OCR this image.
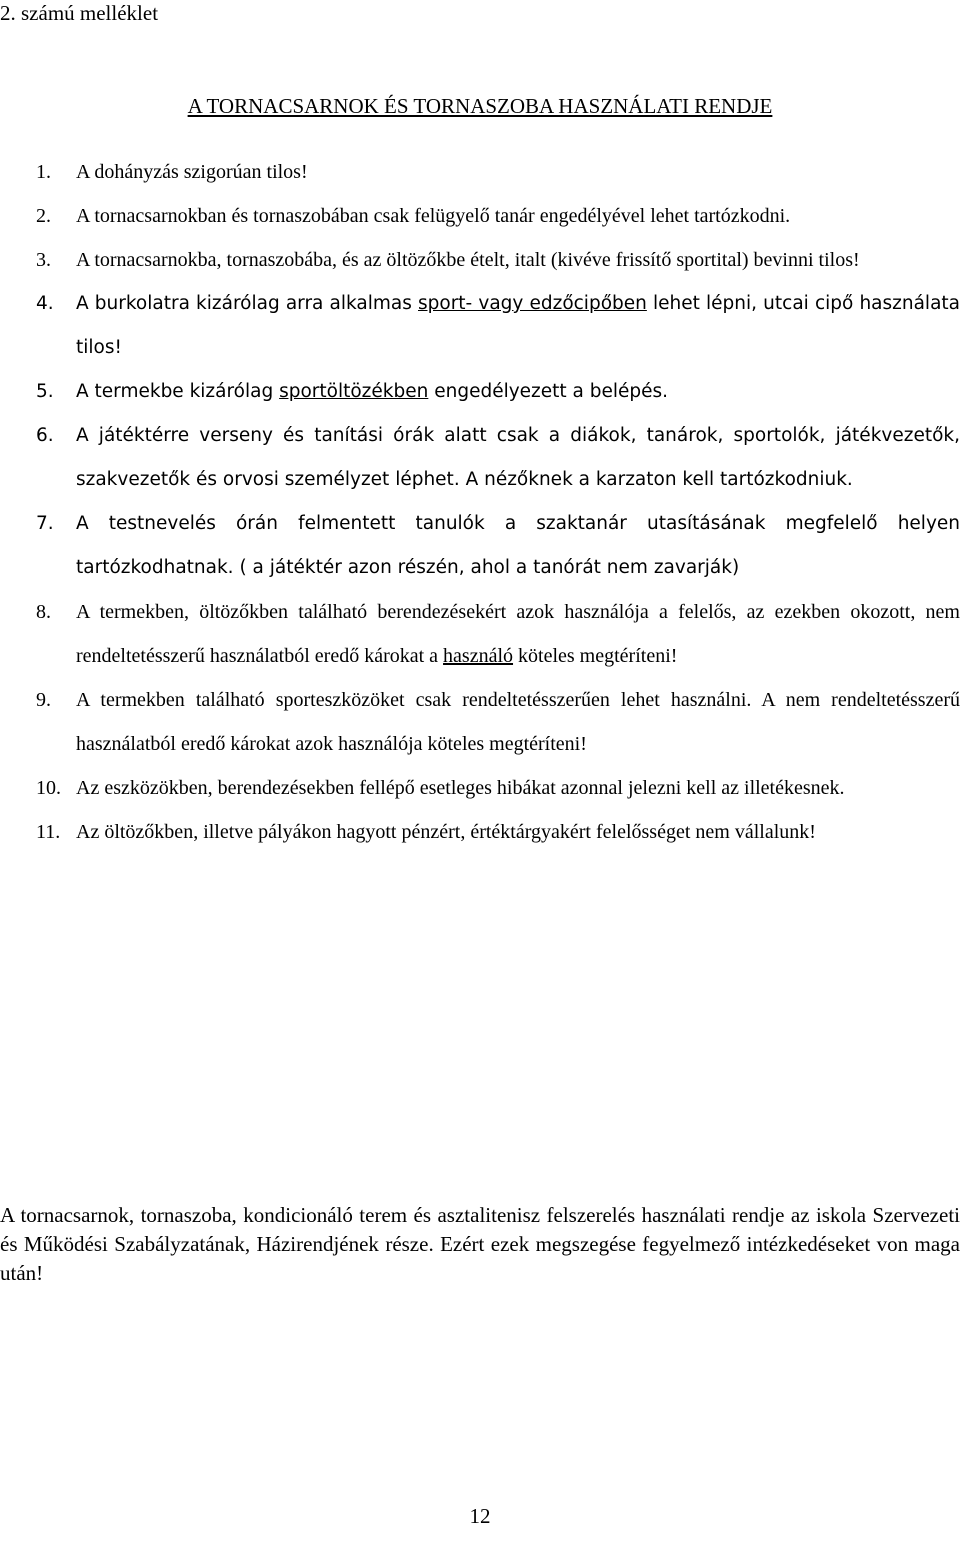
2. számú melléklet
A TORNACSARNOK ÉS TORNASZOBA HASZNÁLATI RENDJE
1. A dohányzás szigorúan tilos!
2. A tornacsarnokban és tornaszobában csak felügyelő tanár engedélyével lehet tartózkodni.
3. A tornacsarnokba, tornaszobába, és az öltözőkbe ételt, italt (kivéve frissítő sportital) bevinni tilos!
4. A burkolatra kizárólag arra alkalmas sport- vagy edzőcipőben lehet lépni, utcai cipő használata tilos!
5. A termekbe kizárólag sportöltözékben engedélyezett a belépés.
6. A játéktérre verseny és tanítási órák alatt csak a diákok, tanárok, sportolók, játékvezetők, szakvezetők és orvosi személyzet léphet. A nézőknek a karzaton kell tartózkodniuk.
7. A testnevelés órán felmentett tanulók a szaktanár utasításának megfelelő helyen tartózkodhatnak. ( a játéktér azon részén, ahol a tanórát nem zavarják)
8. A termekben, öltözőkben található berendezésekért azok használója a felelős, az ezekben okozott, nem rendeltetésszerű használatból eredő károkat a használó köteles megtéríteni!
9. A termekben található sporteszközöket csak rendeltetésszerűen lehet használni. A nem rendeltetésszerű használatból eredő károkat azok használója köteles megtéríteni!
10. Az eszközökben, berendezésekben fellépő esetleges hibákat azonnal jelezni kell az illetékesnek.
11. Az öltözőkben, illetve pályákon hagyott pénzért, értéktárgyakért felelősséget nem vállalunk!

A tornacsarnok, tornaszoba, kondicionáló terem és asztalitenisz felszerelés használati rendje az iskola Szervezeti és Működési Szabályzatának, Házirendjének része. Ezért ezek megszegése fegyelmező intézkedéseket von maga után!

12
